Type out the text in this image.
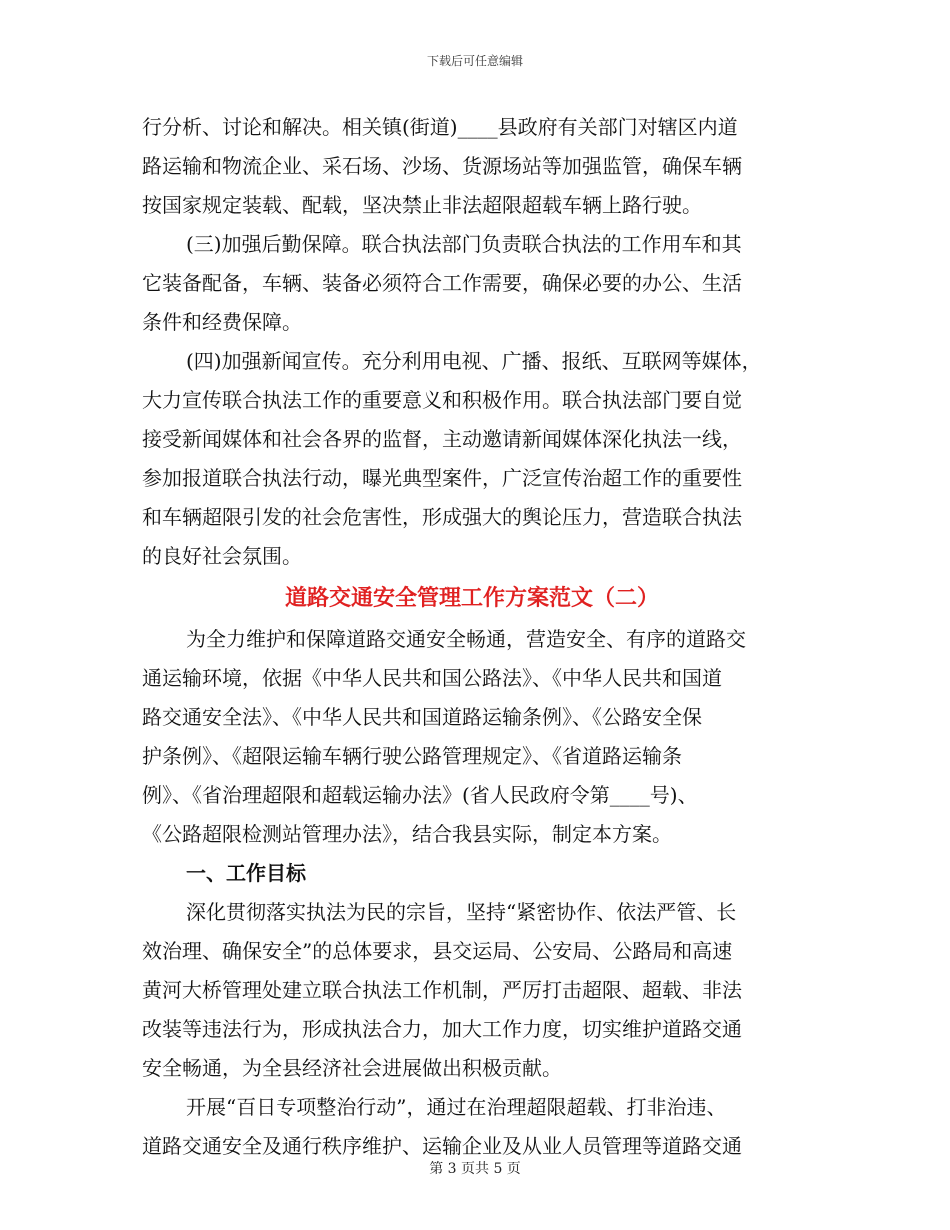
下载后可任意编辑
行分析、讨论和解决。相关镇(街道)____县政府有关部门对辖区内道
路运输和物流企业、采石场、沙场、货源场站等加强监管，确保车辆
按国家规定装载、配载，坚决禁止非法超限超载车辆上路行驶。
(三)加强后勤保障。联合执法部门负责联合执法的工作用车和其
它装备配备，车辆、装备必须符合工作需要，确保必要的办公、生活
条件和经费保障。
(四)加强新闻宣传。充分利用电视、广播、报纸、互联网等媒体，
大力宣传联合执法工作的重要意义和积极作用。联合执法部门要自觉
接受新闻媒体和社会各界的监督，主动邀请新闻媒体深化执法一线，
参加报道联合执法行动，曝光典型案件，广泛宣传治超工作的重要性
和车辆超限引发的社会危害性，形成强大的舆论压力，营造联合执法
的良好社会氛围。
道路交通安全管理工作方案范文（二）
为全力维护和保障道路交通安全畅通，营造安全、有序的道路交
通运输环境，依据《中华人民共和国公路法》、《中华人民共和国道
路交通安全法》、《中华人民共和国道路运输条例》、《公路安全保
护条例》、《超限运输车辆行驶公路管理规定》、《省道路运输条
例》、《省治理超限和超载运输办法》(省人民政府令第____号)、
《公路超限检测站管理办法》，结合我县实际，制定本方案。
一、工作目标
深化贯彻落实执法为民的宗旨，坚持“紧密协作、依法严管、长
效治理、确保安全”的总体要求，县交运局、公安局、公路局和高速
黄河大桥管理处建立联合执法工作机制，严厉打击超限、超载、非法
改装等违法行为，形成执法合力，加大工作力度，切实维护道路交通
安全畅通，为全县经济社会进展做出积极贡献。
开展“百日专项整治行动”，通过在治理超限超载、打非治违、
道路交通安全及通行秩序维护、运输企业及从业人员管理等道路交通
第 3 页共 5 页
